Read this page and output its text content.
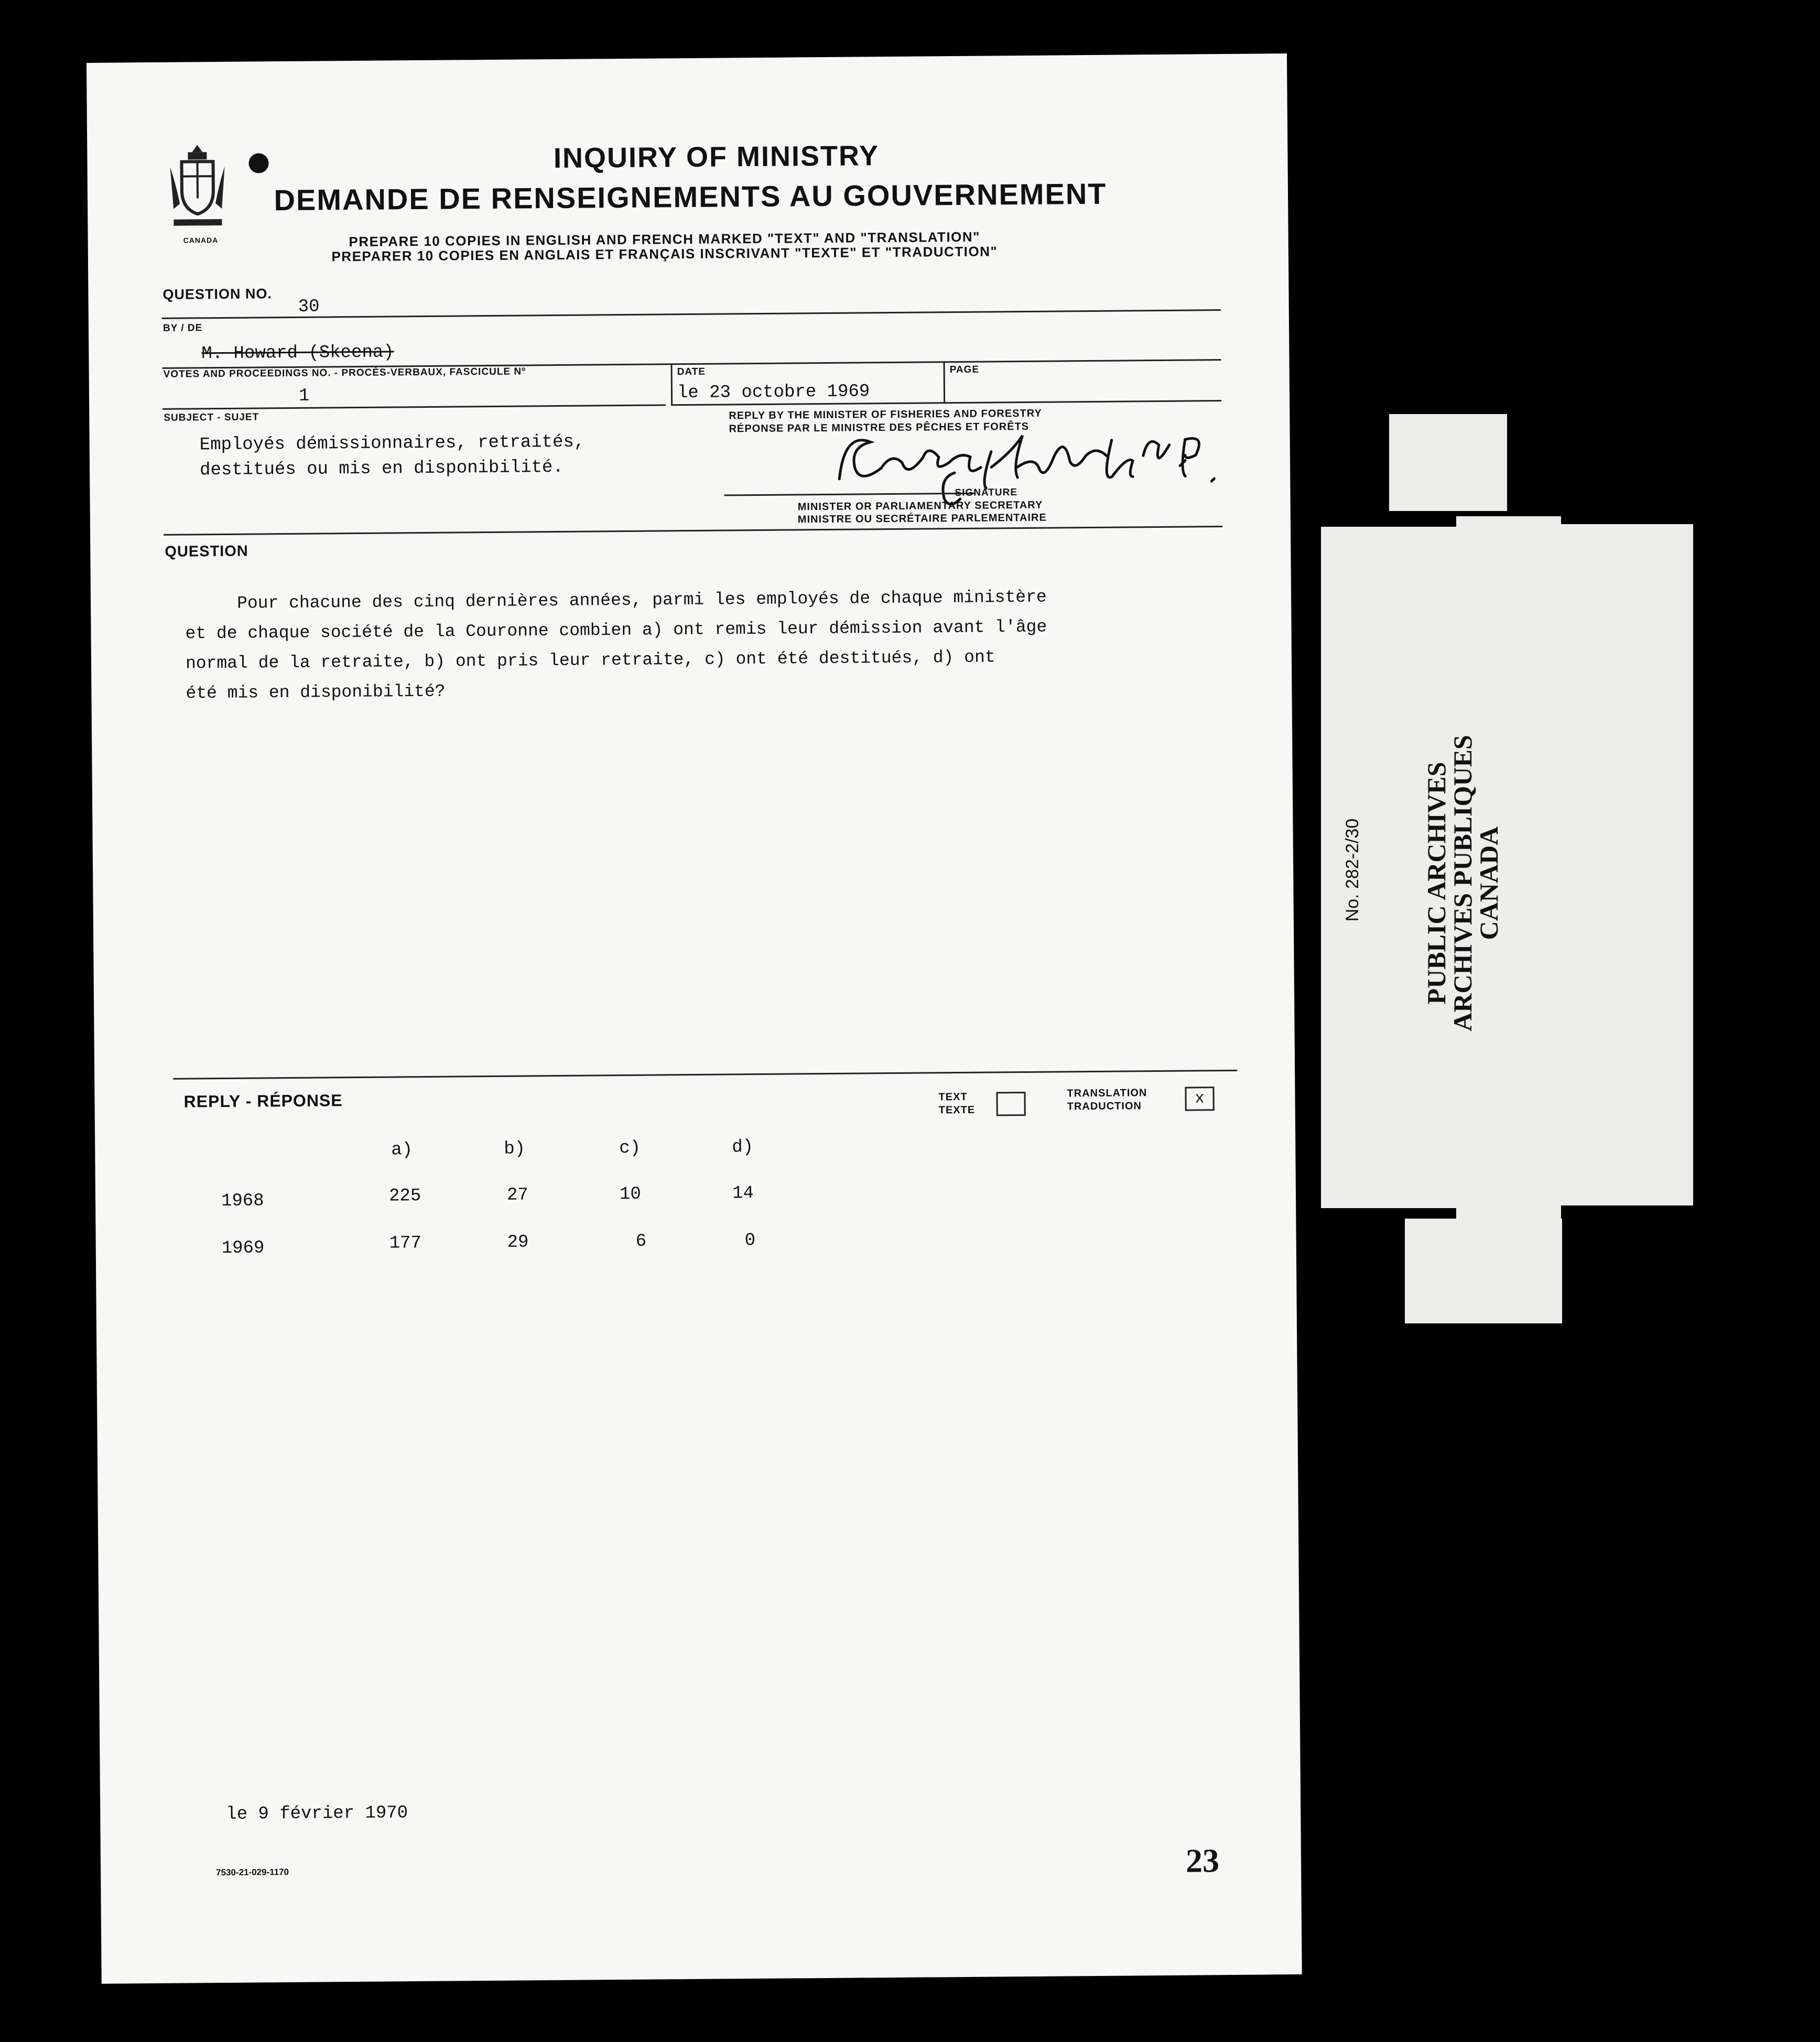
CANADA
INQUIRY OF MINISTRY
DEMANDE DE RENSEIGNEMENTS AU GOUVERNEMENT
PREPARE 10 COPIES IN ENGLISH AND FRENCH MARKED "TEXT" AND "TRANSLATION"
PREPARER 10 COPIES EN ANGLAIS ET FRANÇAIS INSCRIVANT "TEXTE" ET "TRADUCTION"
QUESTION NO.
30
BY / DE
M. Howard (Skeena)
VOTES AND PROCEEDINGS NO. - PROCÈS-VERBAUX, FASCICULE Nº
1
DATE
le 23 octobre 1969
PAGE
SUBJECT - SUJET
Employés démissionnaires, retraités,
destitués ou mis en disponibilité.
REPLY BY THE MINISTER OF FISHERIES AND FORESTRY
RÉPONSE PAR LE MINISTRE DES PÊCHES ET FORÊTS
SIGNATURE
MINISTER OR PARLIAMENTARY SECRETARY
MINISTRE OU SECRÉTAIRE PARLEMENTAIRE
QUESTION

Pour chacune des cinq dernières années, parmi les employés de chaque ministère

et de chaque société de la Couronne combien a) ont remis leur démission avant l'âge

normal de la retraite, b) ont pris leur retraite, c) ont été destitués, d) ont

été mis en disponibilité?

REPLY - RÉPONSE	TEXT
TEXTE
TRANSLATION
TRADUCTION	x
a)	b)	c)	d)
1968	225	27	10	14
1969	177	29	6	0
le 9 février 1970
7530-21-029-1170	23
No. 282-2/30 PUBLIC ARCHIVES
ARCHIVES PUBLIQUES
CANADA
